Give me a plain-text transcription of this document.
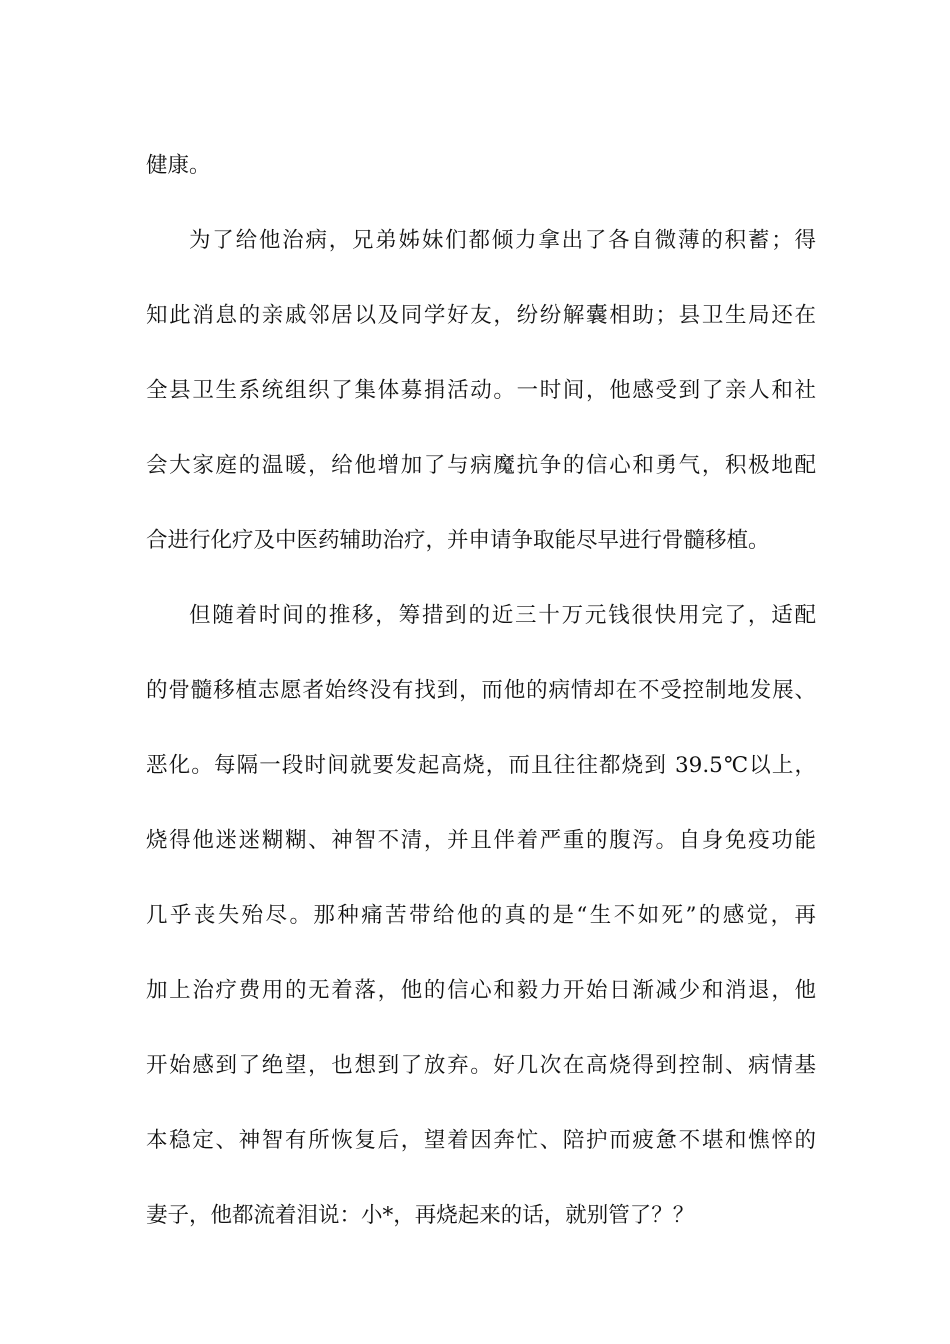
健康。
为了给他治病，兄弟姊妹们都倾力拿出了各自微薄的积蓄；得
知此消息的亲戚邻居以及同学好友，纷纷解囊相助；县卫生局还在
全县卫生系统组织了集体募捐活动。一时间，他感受到了亲人和社
会大家庭的温暖，给他增加了与病魔抗争的信心和勇气，积极地配
合进行化疗及中医药辅助治疗，并申请争取能尽早进行骨髓移植。
但随着时间的推移，筹措到的近三十万元钱很快用完了，适配
的骨髓移植志愿者始终没有找到，而他的病情却在不受控制地发展、
恶化。每隔一段时间就要发起高烧，而且往往都烧到 39.5℃以上，
烧得他迷迷糊糊、神智不清，并且伴着严重的腹泻。自身免疫功能
几乎丧失殆尽。那种痛苦带给他的真的是“生不如死”的感觉，再
加上治疗费用的无着落，他的信心和毅力开始日渐减少和消退，他
开始感到了绝望，也想到了放弃。好几次在高烧得到控制、病情基
本稳定、神智有所恢复后，望着因奔忙、陪护而疲惫不堪和憔悴的
妻子，他都流着泪说：小*，再烧起来的话，就别管了？？
